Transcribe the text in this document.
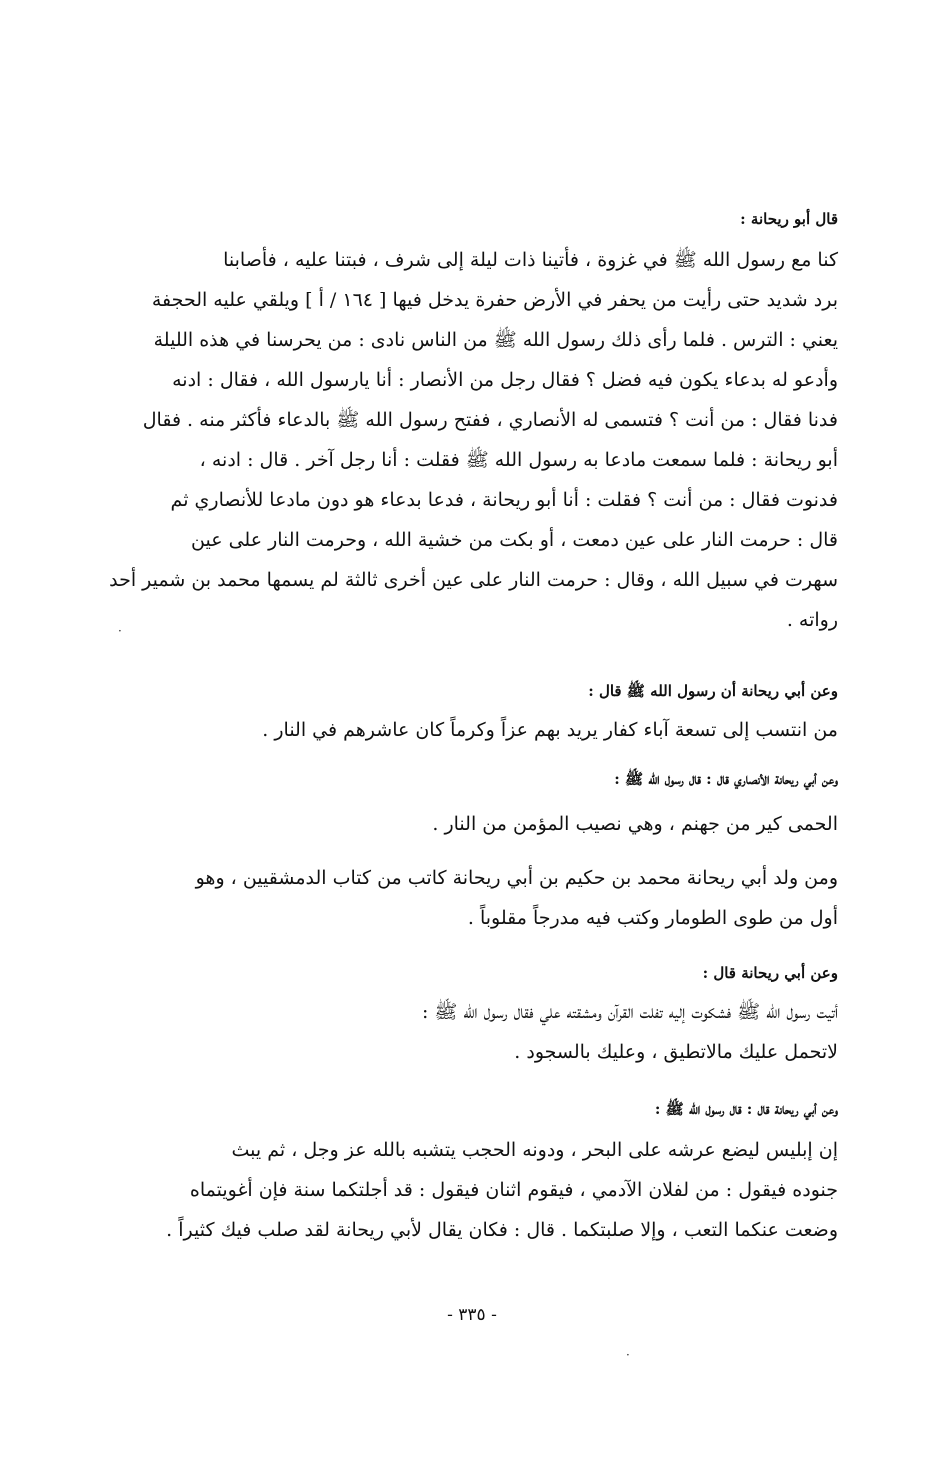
قال أبو ريحانة :

كنا مع رسول الله ﷺ في غزوة ، فأتينا ذات ليلة إلى شرف ، فبتنا عليه ، فأصابنا

برد شديد حتى رأيت من يحفر في الأرض حفرة يدخل فيها [ ١٦٤ / أ ] ويلقي عليه الحجفة

يعني : الترس . فلما رأى ذلك رسول الله ﷺ من الناس نادى : من يحرسنا في هذه الليلة

وأدعو له بدعاء يكون فيه فضل ؟ فقال رجل من الأنصار : أنا يارسول الله ، فقال : ادنه

فدنا فقال : من أنت ؟ فتسمى له الأنصاري ، ففتح رسول الله ﷺ بالدعاء فأكثر منه . فقال

أبو ريحانة : فلما سمعت مادعا به رسول الله ﷺ فقلت : أنا رجل آخر . قال : ادنه ،

فدنوت فقال : من أنت ؟ فقلت : أنا أبو ريحانة ، فدعا بدعاء هو دون مادعا للأنصاري ثم

قال : حرمت النار على عين دمعت ، أو بكت من خشية الله ، وحرمت النار على عين

سهرت في سبيل الله ، وقال : حرمت النار على عين أخرى ثالثة لم يسمها محمد بن شمير أحد

رواته .

وعن أبي ريحانة أن رسول الله ﷺ قال :

من انتسب إلى تسعة آباء كفار يريد بهم عزاً وكرماً كان عاشرهم في النار .

وعن أبي ريحانة الأنصاري قال : قال رسول الله ﷺ :

الحمى كير من جهنم ، وهي نصيب المؤمن من النار .

ومن ولد أبي ريحانة محمد بن حكيم بن أبي ريحانة كاتب من كتاب الدمشقيين ، وهو

أول من طوى الطومار وكتب فيه مدرجاً مقلوباً .

وعن أبي ريحانة قال :

أتيت رسول الله ﷺ فشكوت إليه تفلت القرآن ومشقته علي فقال رسول الله ﷺ :

لاتحمل عليك مالاتطيق ، وعليك بالسجود .

وعن أبي ريحانة قال : قال رسول الله ﷺ :

إن إبليس ليضع عرشه على البحر ، ودونه الحجب يتشبه بالله عز وجل ، ثم يبث

جنوده فيقول : من لفلان الآدمي ، فيقوم اثنان فيقول : قد أجلتكما سنة فإن أغويتماه

وضعت عنكما التعب ، وإلا صلبتكما . قال : فكان يقال لأبي ريحانة لقد صلب فيك كثيراً .

- ٣٣٥ -
·
·
